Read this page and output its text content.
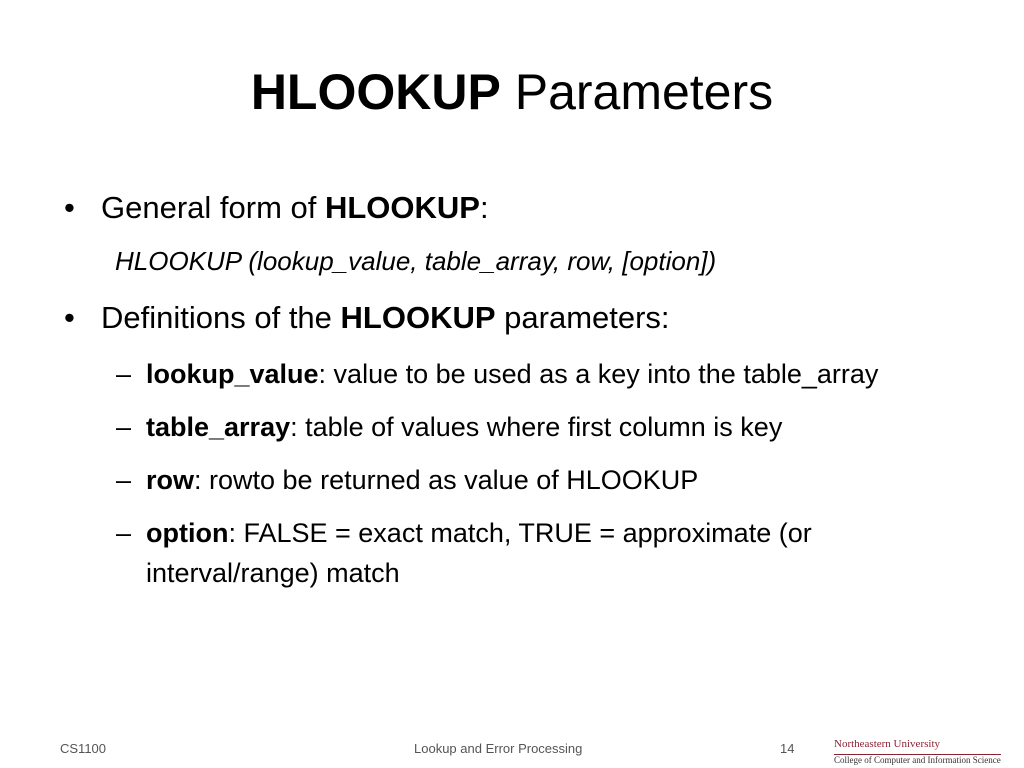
HLOOKUP Parameters
• General form of HLOOKUP:
HLOOKUP (lookup_value, table_array, row, [option])
• Definitions of the HLOOKUP parameters:
– lookup_value: value to be used as a key into the table_array
– table_array: table of values where first column is key
– row: rowto be returned as value of HLOOKUP
– option: FALSE = exact match, TRUE = approximate (or interval/range) match
CS1100	Lookup and Error Processing	14	Northeastern University
College of Computer and Information Science
